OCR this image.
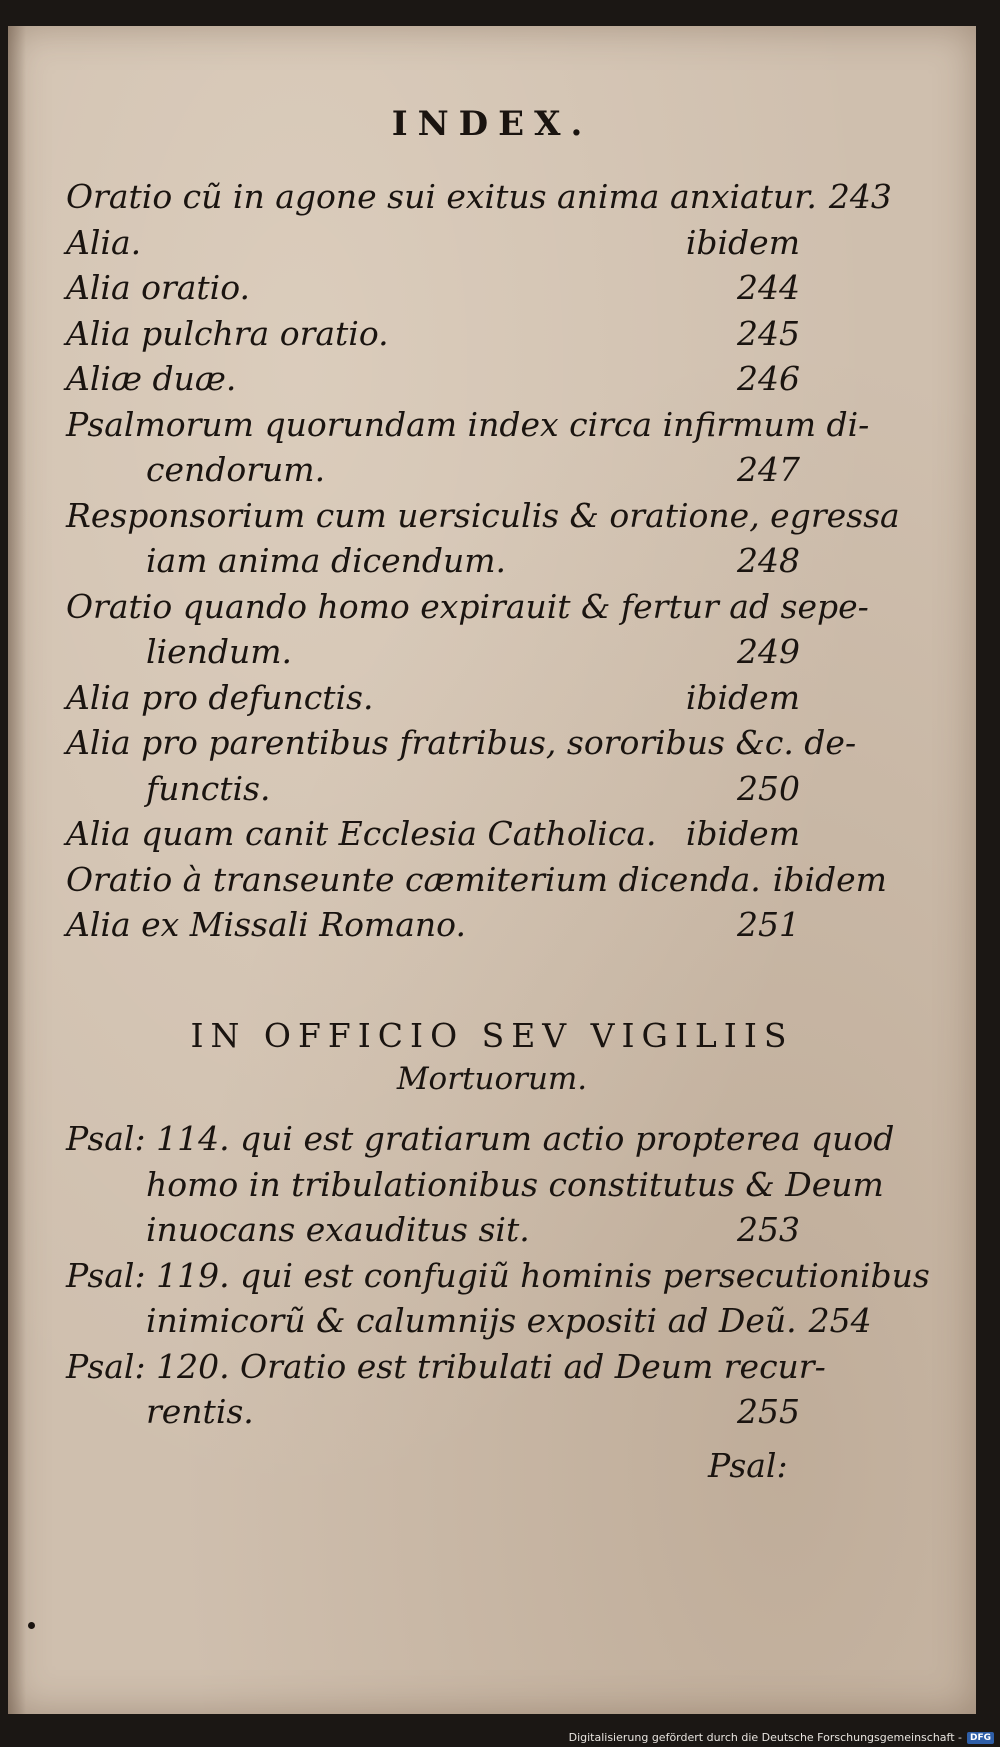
INDEX.
Oratio cũ in agone sui exitus anima anxiatur. 243
Alia.	ibidem
Alia oratio.	244
Alia pulchra oratio.	245
Aliæ duæ.	246
Psalmorum quorundam index circa infirmum di-
cendorum.	247
Responsorium cum uersiculis & oratione, egressa
iam anima dicendum.	248
Oratio quando homo expirauit & fertur ad sepe-
liendum.	249
Alia pro defunctis.	ibidem
Alia pro parentibus fratribus, sororibus &c. de-
functis.	250
Alia quam canit Ecclesia Catholica. ibidem
Oratio à transeunte cæmiterium dicenda. ibidem
Alia ex Missali Romano.	251
IN OFFICIO SEV VIGILIIS
Mortuorum.
Psal: 114. qui est gratiarum actio propterea quod
homo in tribulationibus constitutus & Deum
inuocans exauditus sit.	253
Psal: 119. qui est confugiũ hominis persecutionibus
inimicorũ & calumnijs expositi ad Deũ. 254
Psal: 120. Oratio est tribulati ad Deum recur-
rentis.	255
Psal:
Digitalisierung gefördert durch die Deutsche Forschungsgemeinschaft - DFG
